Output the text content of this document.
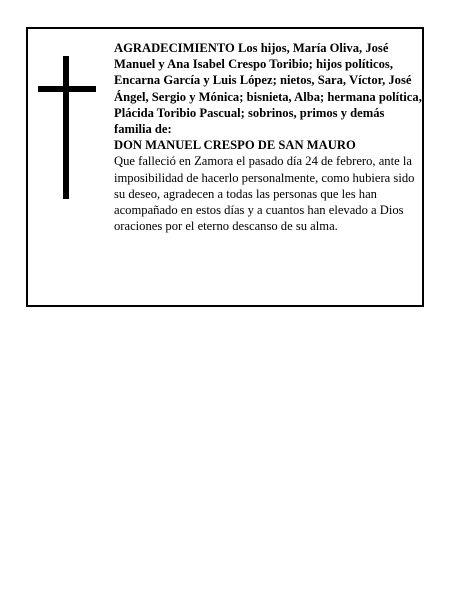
AGRADECIMIENTO Los hijos, María Oliva, José Manuel y Ana Isabel Crespo Toribio; hijos políticos, Encarna García y Luis López; nietos, Sara, Víctor, José Ángel, Sergio y Mónica; bisnieta, Alba; hermana política, Plácida Toribio Pascual; sobrinos, primos y demás familia de:

DON MANUEL CRESPO DE SAN MAURO

Que falleció en Zamora el pasado día 24 de febrero, ante la imposibilidad de hacerlo personalmente, como hubiera sido su deseo, agradecen a todas las personas que les han acompañado en estos días y a cuantos han elevado a Dios oraciones por el eterno descanso de su alma.
